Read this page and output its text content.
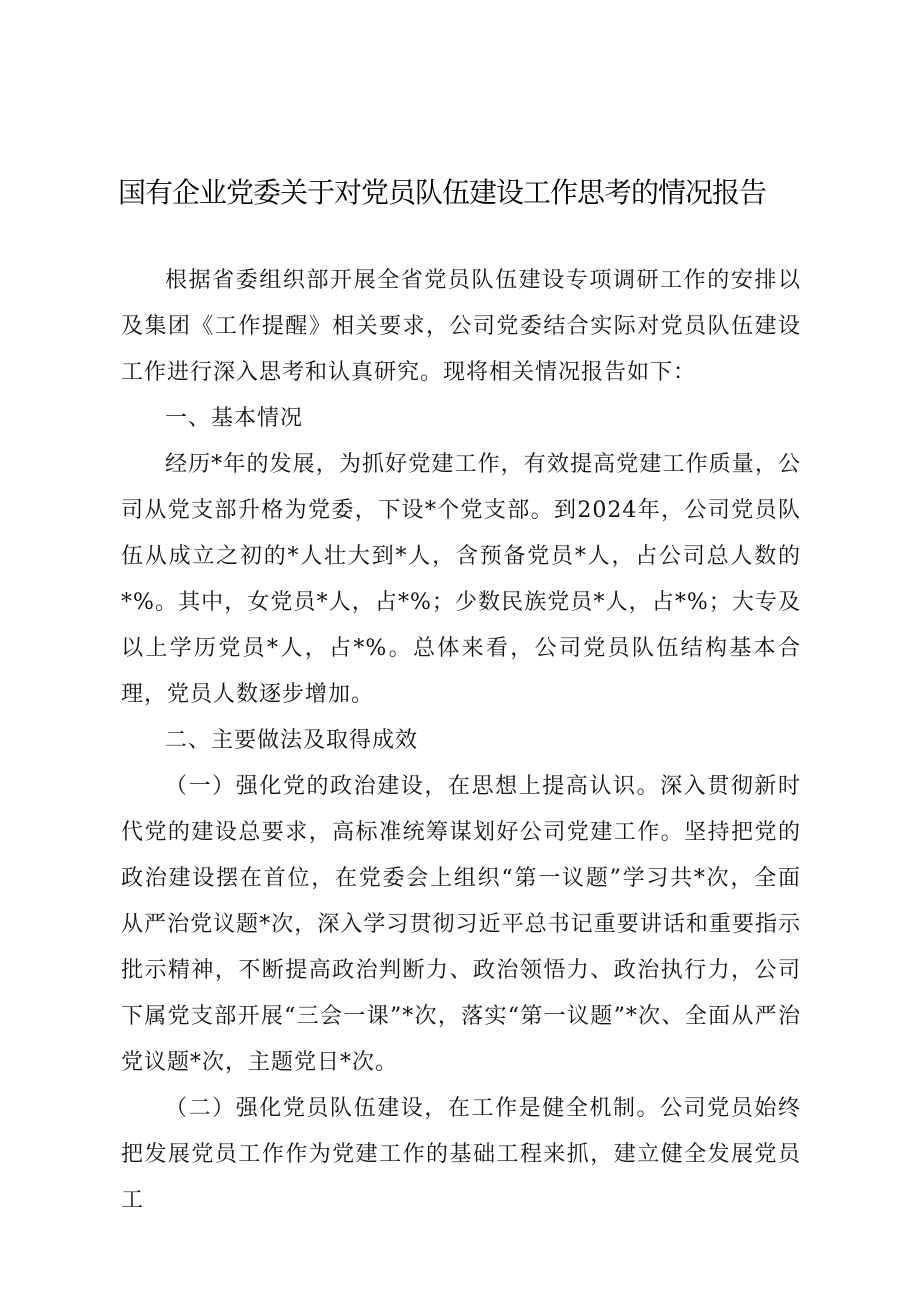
国有企业党委关于对党员队伍建设工作思考的情况报告

根据省委组织部开展全省党员队伍建设专项调研工作的安排以及集团《工作提醒》相关要求，公司党委结合实际对党员队伍建设工作进行深入思考和认真研究。现将相关情况报告如下：

一、基本情况

经历*年的发展，为抓好党建工作，有效提高党建工作质量，公司从党支部升格为党委，下设*个党支部。到2024年，公司党员队伍从成立之初的*人壮大到*人，含预备党员*人，占公司总人数的*%。其中，女党员*人，占*%；少数民族党员*人，占*%；大专及以上学历党员*人，占*%。总体来看，公司党员队伍结构基本合理，党员人数逐步增加。

二、主要做法及取得成效

（一）强化党的政治建设，在思想上提高认识。深入贯彻新时代党的建设总要求，高标准统筹谋划好公司党建工作。坚持把党的政治建设摆在首位，在党委会上组织“第一议题”学习共*次，全面从严治党议题*次，深入学习贯彻习近平总书记重要讲话和重要指示批示精神，不断提高政治判断力、政治领悟力、政治执行力，公司下属党支部开展“三会一课”*次，落实“第一议题”*次、全面从严治党议题*次，主题党日*次。

（二）强化党员队伍建设，在工作是健全机制。公司党员始终把发展党员工作作为党建工作的基础工程来抓，建立健全发展党员工
